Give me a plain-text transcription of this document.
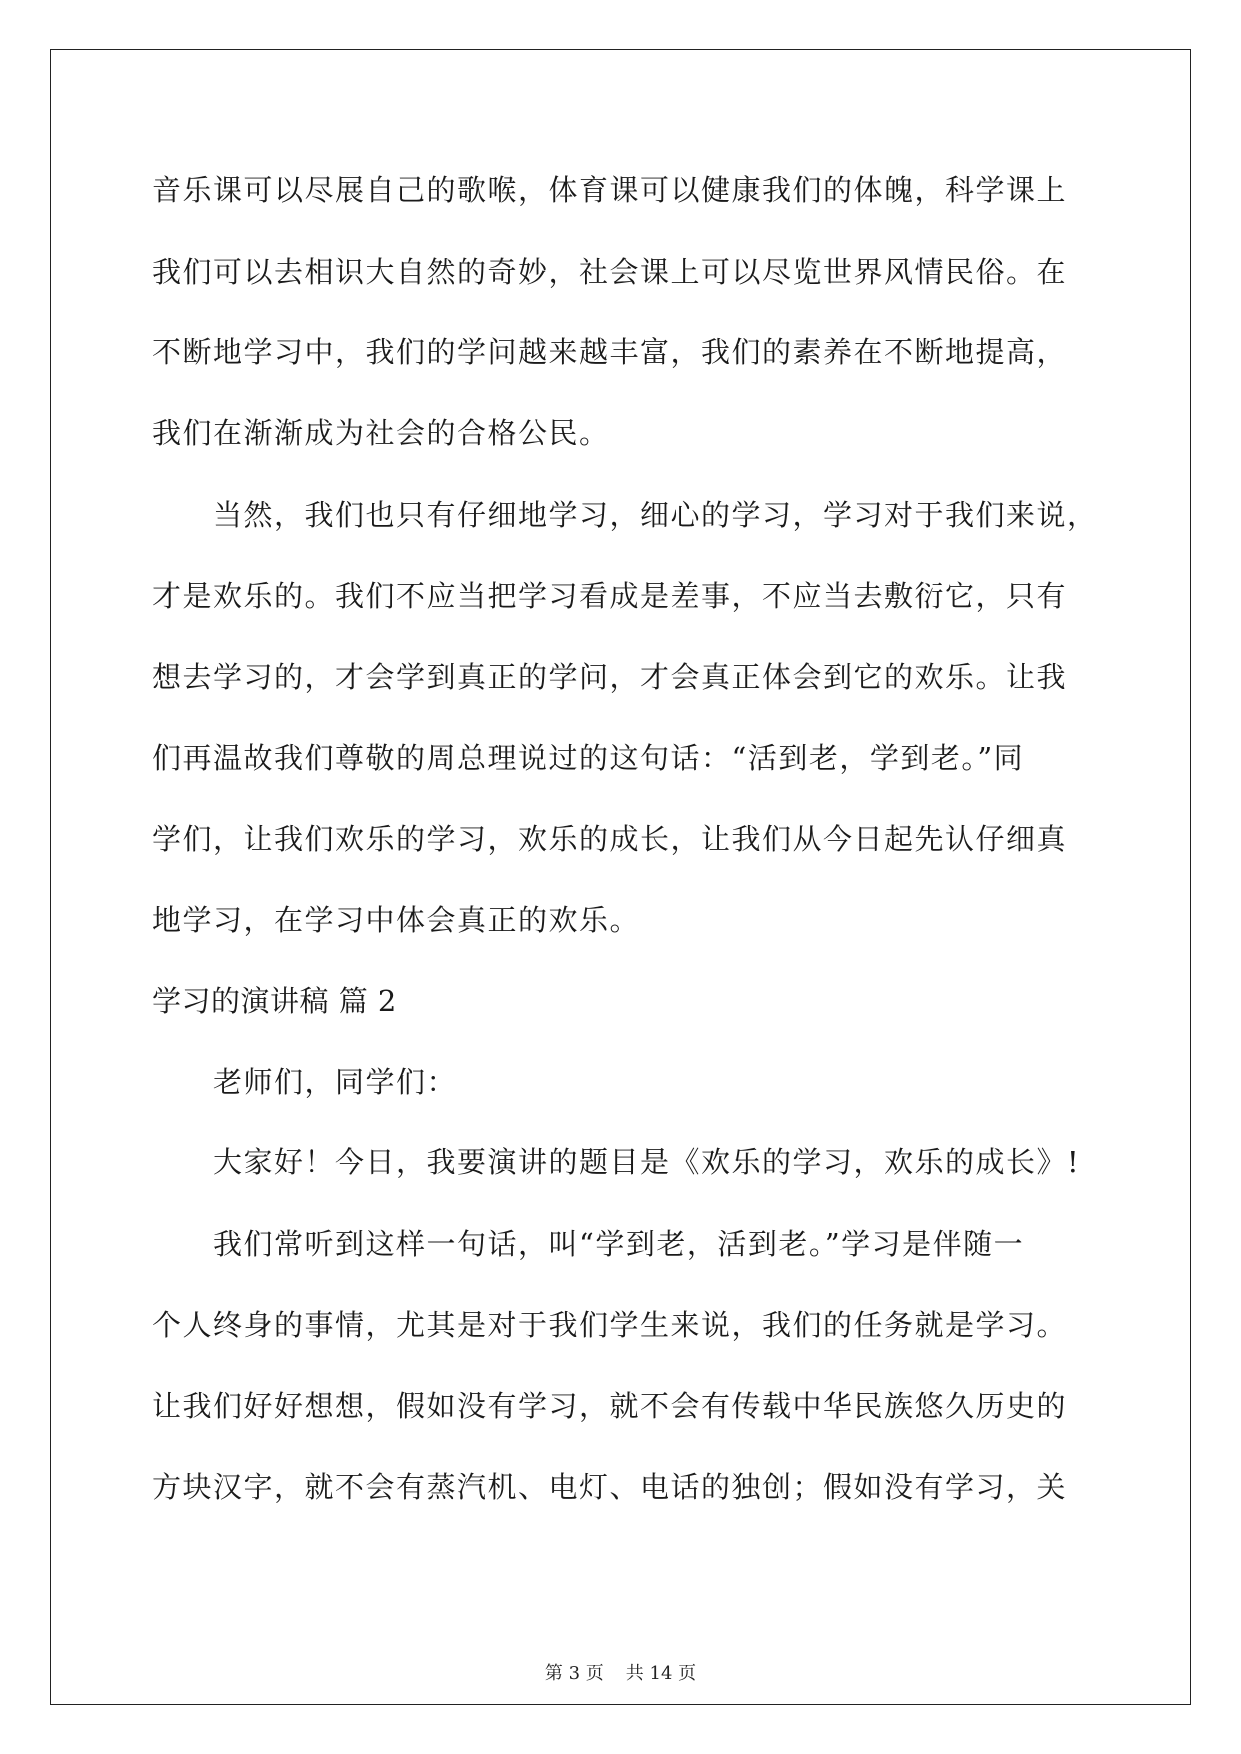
音乐课可以尽展自己的歌喉，体育课可以健康我们的体魄，科学课上
我们可以去相识大自然的奇妙，社会课上可以尽览世界风情民俗。在
不断地学习中，我们的学问越来越丰富，我们的素养在不断地提高，
我们在渐渐成为社会的合格公民。
当然，我们也只有仔细地学习，细心的学习，学习对于我们来说，
才是欢乐的。我们不应当把学习看成是差事，不应当去敷衍它，只有
想去学习的，才会学到真正的学问，才会真正体会到它的欢乐。让我
们再温故我们尊敬的周总理说过的这句话：“活到老，学到老。”同
学们，让我们欢乐的学习，欢乐的成长，让我们从今日起先认仔细真
地学习，在学习中体会真正的欢乐。
学习的演讲稿 篇 2
老师们，同学们：
大家好！今日，我要演讲的题目是《欢乐的学习，欢乐的成长》!
我们常听到这样一句话，叫“学到老，活到老。”学习是伴随一
个人终身的事情，尤其是对于我们学生来说，我们的任务就是学习。
让我们好好想想，假如没有学习，就不会有传载中华民族悠久历史的
方块汉字，就不会有蒸汽机、电灯、电话的独创；假如没有学习，关
第 3 页 共 14 页
